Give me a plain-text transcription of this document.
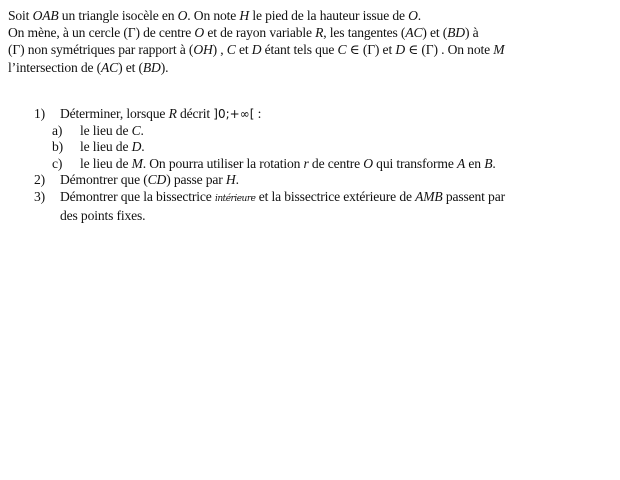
Soit OAB un triangle isocèle en O. On note H le pied de la hauteur issue de O.
On mène, à un cercle (Γ) de centre O et de rayon variable R, les tangentes (AC) et (BD) à
(Γ) non symétriques par rapport à (OH) , C et D étant tels que C ∈ (Γ) et D ∈ (Γ) . On note M
l’intersection de (AC) et (BD).
1) Déterminer, lorsque R décrit ]0;+∞[ :
a) le lieu de C.
b) le lieu de D.
c) le lieu de M. On pourra utiliser la rotation r de centre O qui transforme A en B.
2) Démontrer que (CD) passe par H.
3) Démontrer que la bissectrice intérieure et la bissectrice extérieure de AMB passent par
des points fixes.
